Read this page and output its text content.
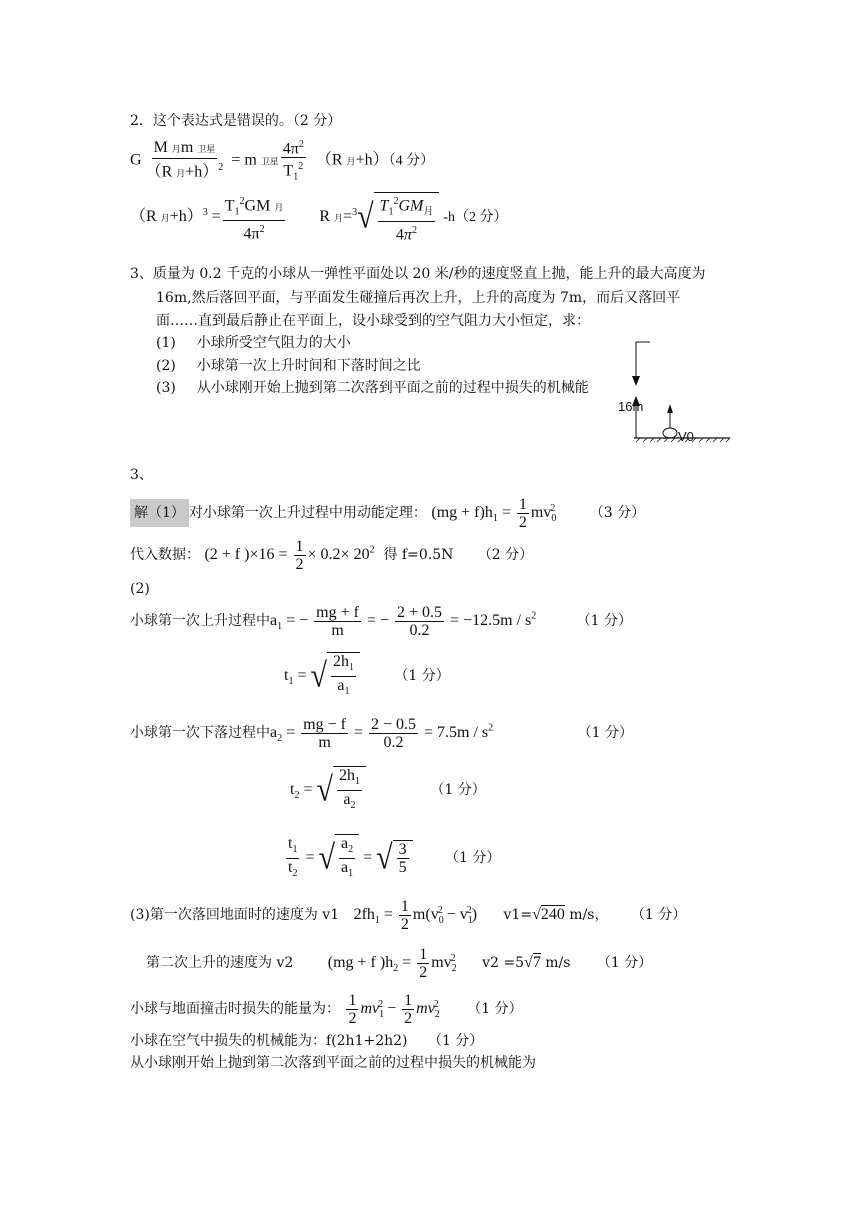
2．这个表达式是错误的。（2 分）
G $\frac{\text{M 月m 卫星}}{(R 月+h)^2} = m$ 卫星 $\frac{4\pi^2}{T_1^2} (R$ 月+h）（4 分）
（R 月$+h)^3 = \frac{T_1^2GM 月}{4\pi^2}$ R 月$=^3√ \frac{T_1^2GM_月}{4\pi^2} -h(2$ 分）
3、质量为 0.2 千克的小球从一弹性平面处以 20 米/秒的速度竖直上抛，能上升的最大高度为
16m,然后落回平面，与平面发生碰撞后再次上升，上升的高度为 7m，而后又落回平
面……直到最后静止在平面上，设小球受到的空气阻力大小恒定，求：
(1) 小球所受空气阻力的大小
(2) 小球第一次上升时间和下落时间之比
(3) 从小球刚开始上抛到第二次落到平面之前的过程中损失的机械能
16m
V0
3、
解（1） 对小球第一次上升过程中用动能定理： $(mg + f)h_1 = \frac{1}{2} mv_0^2$ （3 分）
代入数据： (2 + f )$\times 16 = \frac{1}{2} \times 0.2\times 20^2$ 得 f=0.5N （2 分）
(2)
小球第一次上升过程中$a_1$ = − $\frac{mg + f}{m}$ = − $\frac{2 + 0.5}{0.2} = -12.5m / s^2$	（1 分）
$t_1$ = √ $\frac{2h_1}{a_1}$	（1 分）
小球第一次下落过程中$a_2 = \frac{mg - f}{m} = \frac{2 - 0.5}{0.2} = 7.5m / s^2$	（1 分）
$t_2$ = √ $\frac{2h_1}{a_2}$	（1 分）
$\frac{t_1}{t_2}$ = √ $\frac{a_2}{a_1}$ = √ $\frac{3}{5}$	（1 分）
(3)第一次落回地面时的速度为 v1 $2fh_1 = \frac{1}{2} m(v_0^2 - v_1^2)$ v1=√240 m/s， （1 分）
第二次上升的速度为 v2 (mg + f )$h_2 = \frac{1}{2} mv_2^2$ v2 =5√7 m/s （1 分）
小球与地面撞击时损失的能量为： $\frac{1}{2} mv_1^2 - \frac{1}{2} mv_2^2$ （1 分）
小球在空气中损失的机械能为：f(2h1+2h2) （1 分）
从小球刚开始上抛到第二次落到平面之前的过程中损失的机械能为
